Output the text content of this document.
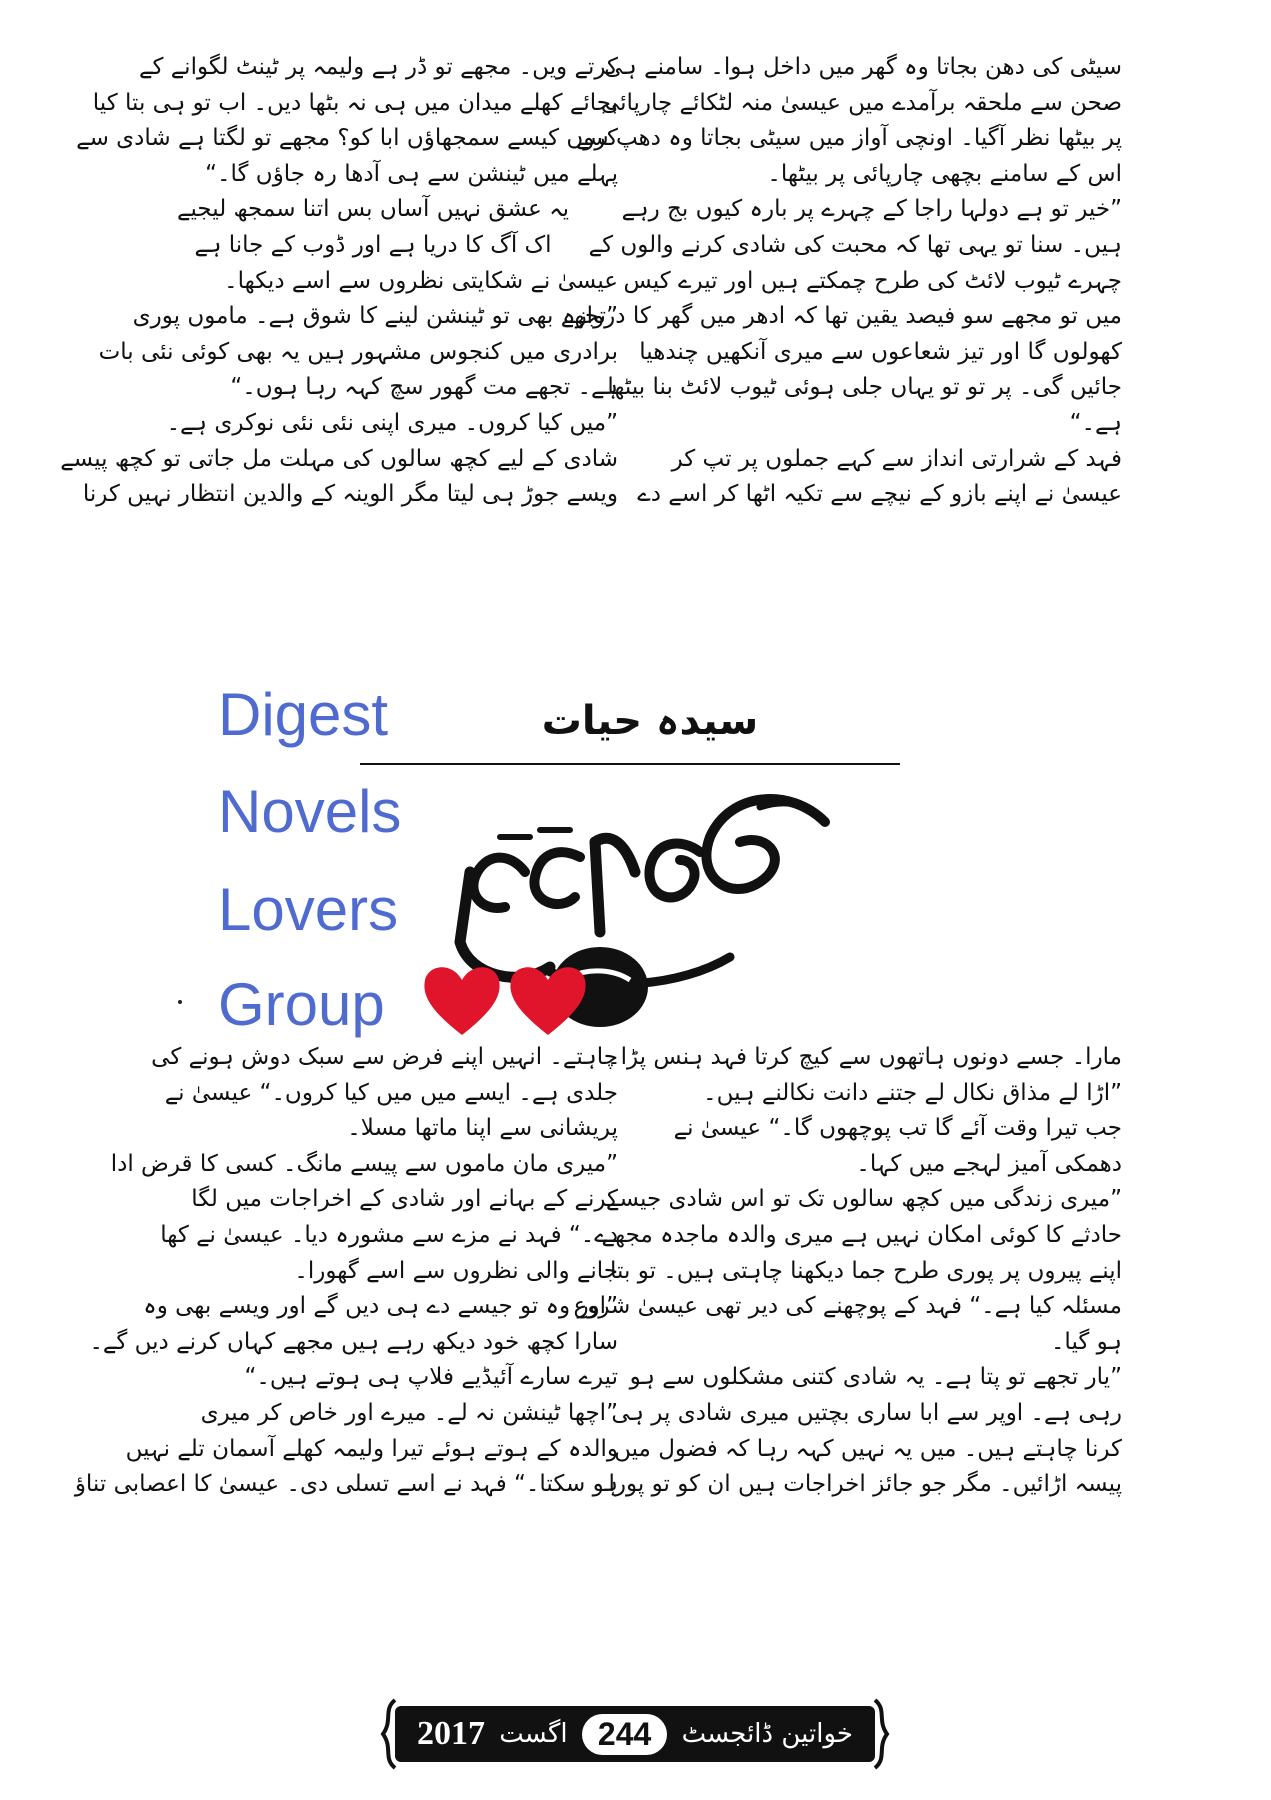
سیٹی کی دھن بجاتا وہ گھر میں داخل ہوا۔ سامنے ہی
صحن سے ملحقہ برآمدے میں عیسیٰ منہ لٹکائے چارپائی
پر بیٹھا نظر آگیا۔ اونچی آواز میں سیٹی بجاتا وہ دھپ سے
اس کے سامنے بچھی چارپائی پر بیٹھا۔
”خیر تو ہے دولہا راجا کے چہرے پر بارہ کیوں بج رہے
ہیں۔ سنا تو یہی تھا کہ محبت کی شادی کرنے والوں کے
چہرے ٹیوب لائٹ کی طرح چمکتے ہیں اور تیرے کیس
میں تو مجھے سو فیصد یقین تھا کہ ادھر میں گھر کا دروازہ
کھولوں گا اور تیز شعاعوں سے میری آنکھیں چندھیا
جائیں گی۔ پر تو تو یہاں جلی ہوئی ٹیوب لائٹ بنا بیٹھا
ہے۔“
فہد کے شرارتی انداز سے کہے جملوں پر تپ کر
عیسیٰ نے اپنے بازو کے نیچے سے تکیہ اٹھا کر اسے دے
کرتے ویں۔ مجھے تو ڈر ہے ولیمہ پر ٹینٹ لگوانے کے
بجائے کھلے میدان میں ہی نہ بٹھا دیں۔ اب تو ہی بتا کیا
کروں کیسے سمجھاؤں ابا کو؟ مجھے تو لگتا ہے شادی سے
پہلے میں ٹینشن سے ہی آدھا رہ جاؤں گا۔“
یہ عشق نہیں آساں بس اتنا سمجھ لیجیے
اک آگ کا دریا ہے اور ڈوب کے جانا ہے
عیسیٰ نے شکایتی نظروں سے اسے دیکھا۔
”تجھے بھی تو ٹینشن لینے کا شوق ہے۔ ماموں پوری
برادری میں کنجوس مشہور ہیں یہ بھی کوئی نئی بات
ہے۔ تجھے مت گھور سچ کہہ رہا ہوں۔“
”میں کیا کروں۔ میری اپنی نئی نئی نوکری ہے۔
شادی کے لیے کچھ سالوں کی مہلت مل جاتی تو کچھ پیسے
ویسے جوڑ ہی لیتا مگر الوینہ کے والدین انتظار نہیں کرنا
سیدہ حیات
Digest
Novels
Lovers
Group
مارا۔ جسے دونوں ہاتھوں سے کیچ کرتا فہد ہنس پڑا۔
”اڑا لے مذاق نکال لے جتنے دانت نکالنے ہیں۔
جب تیرا وقت آئے گا تب پوچھوں گا۔“ عیسیٰ نے
دھمکی آمیز لہجے میں کہا۔
”میری زندگی میں کچھ سالوں تک تو اس شادی جیسے
حادثے کا کوئی امکان نہیں ہے میری والدہ ماجدہ مجھے
اپنے پیروں پر پوری طرح جما دیکھنا چاہتی ہیں۔ تو بتا
مسئلہ کیا ہے۔“ فہد کے پوچھنے کی دیر تھی عیسیٰ شروع
ہو گیا۔
”یار تجھے تو پتا ہے۔ یہ شادی کتنی مشکلوں سے ہو
رہی ہے۔ اوپر سے ابا ساری بچتیں میری شادی پر ہی
کرنا چاہتے ہیں۔ میں یہ نہیں کہہ رہا کہ فضول میں
پیسہ اڑائیں۔ مگر جو جائز اخراجات ہیں ان کو تو پورا
چاہتے۔ انہیں اپنے فرض سے سبک دوش ہونے کی
جلدی ہے۔ ایسے میں میں کیا کروں۔“ عیسیٰ نے
پریشانی سے اپنا ماتھا مسلا۔
”میری مان ماموں سے پیسے مانگ۔ کسی کا قرض ادا
کرنے کے بہانے اور شادی کے اخراجات میں لگا
دے۔“ فہد نے مزے سے مشورہ دیا۔ عیسیٰ نے کھا
جانے والی نظروں سے اسے گھورا۔
”اور وہ تو جیسے دے ہی دیں گے اور ویسے بھی وہ
سارا کچھ خود دیکھ رہے ہیں مجھے کہاں کرنے دیں گے۔
تیرے سارے آئیڈیے فلاپ ہی ہوتے ہیں۔“
”اچھا ٹینشن نہ لے۔ میرے اور خاص کر میری
والدہ کے ہوتے ہوئے تیرا ولیمہ کھلے آسمان تلے نہیں
ہو سکتا۔“ فہد نے اسے تسلی دی۔ عیسیٰ کا اعصابی تناؤ
2017 اگست 244	خواتین ڈائجسٹ
